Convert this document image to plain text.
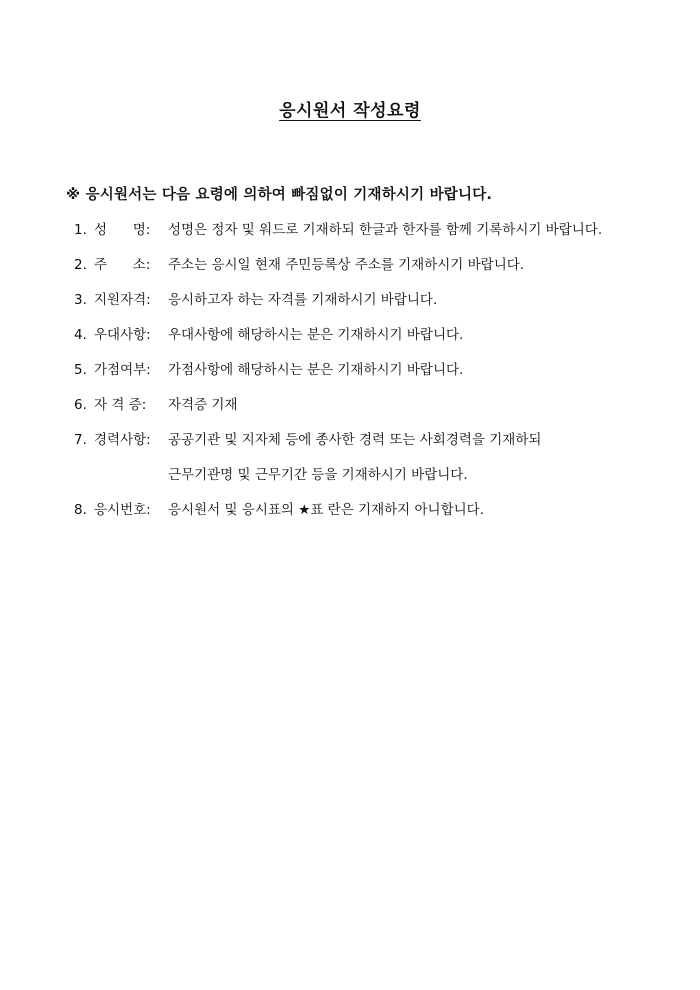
응시원서 작성요령
※ 응시원서는 다음 요령에 의하여 빠짐없이 기재하시기 바랍니다.
1. 성      명:	성명은 정자 및 워드로 기재하되 한글과 한자를 함께 기록하시기 바랍니다.
2. 주      소:	주소는 응시일 현재 주민등록상 주소를 기재하시기 바랍니다.
3. 지원자격:	응시하고자 하는 자격를 기재하시기 바랍니다.
4. 우대사항:	우대사항에 해당하시는 분은 기재하시기 바랍니다.
5. 가점여부:	가점사항에 해당하시는 분은 기재하시기 바랍니다.
6. 자 격 증:	자격증 기재
7. 경력사항:	공공기관 및 지자체 등에 종사한 경력 또는 사회경력을 기재하되
근무기관명 및 근무기간 등을 기재하시기 바랍니다.
8. 응시번호:	응시원서 및 응시표의 ★표 란은 기재하지 아니합니다.
